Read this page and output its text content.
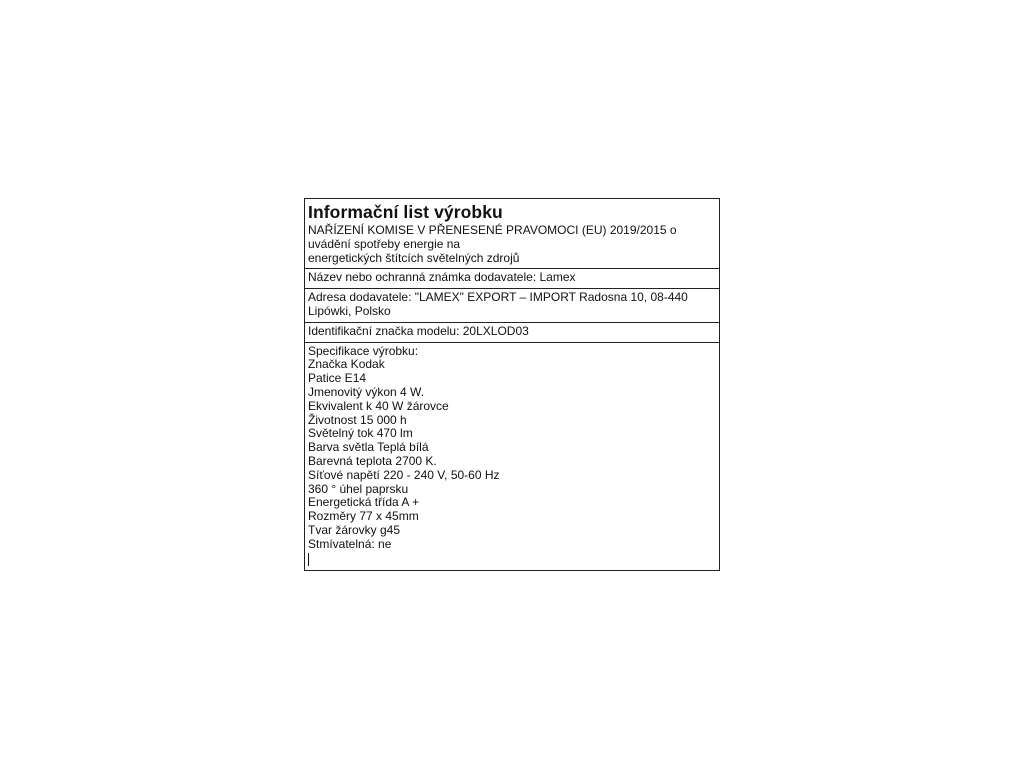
Informační list výrobku
NAŘÍZENÍ KOMISE V PŘENESENÉ PRAVOMOCI (EU) 2019/2015 o
uvádění spotřeby energie na
energetických štítcích světelných zdrojů
Název nebo ochranná známka dodavatele: Lamex
Adresa dodavatele: "LAMEX" EXPORT – IMPORT Radosna 10, 08-440
Lipówki, Polsko
Identifikační značka modelu: 20LXLOD03
Specifikace výrobku:
Značka Kodak
Patice E14
Jmenovitý výkon 4 W.
Ekvivalent k 40 W žárovce
Životnost 15 000 h
Světelný tok 470 lm
Barva světla Teplá bílá
Barevná teplota 2700 K.
Síťové napětí 220 - 240 V, 50-60 Hz
360 ° úhel paprsku
Energetická třída A +
Rozměry 77 x 45mm
Tvar žárovky g45
Stmívatelná: ne
